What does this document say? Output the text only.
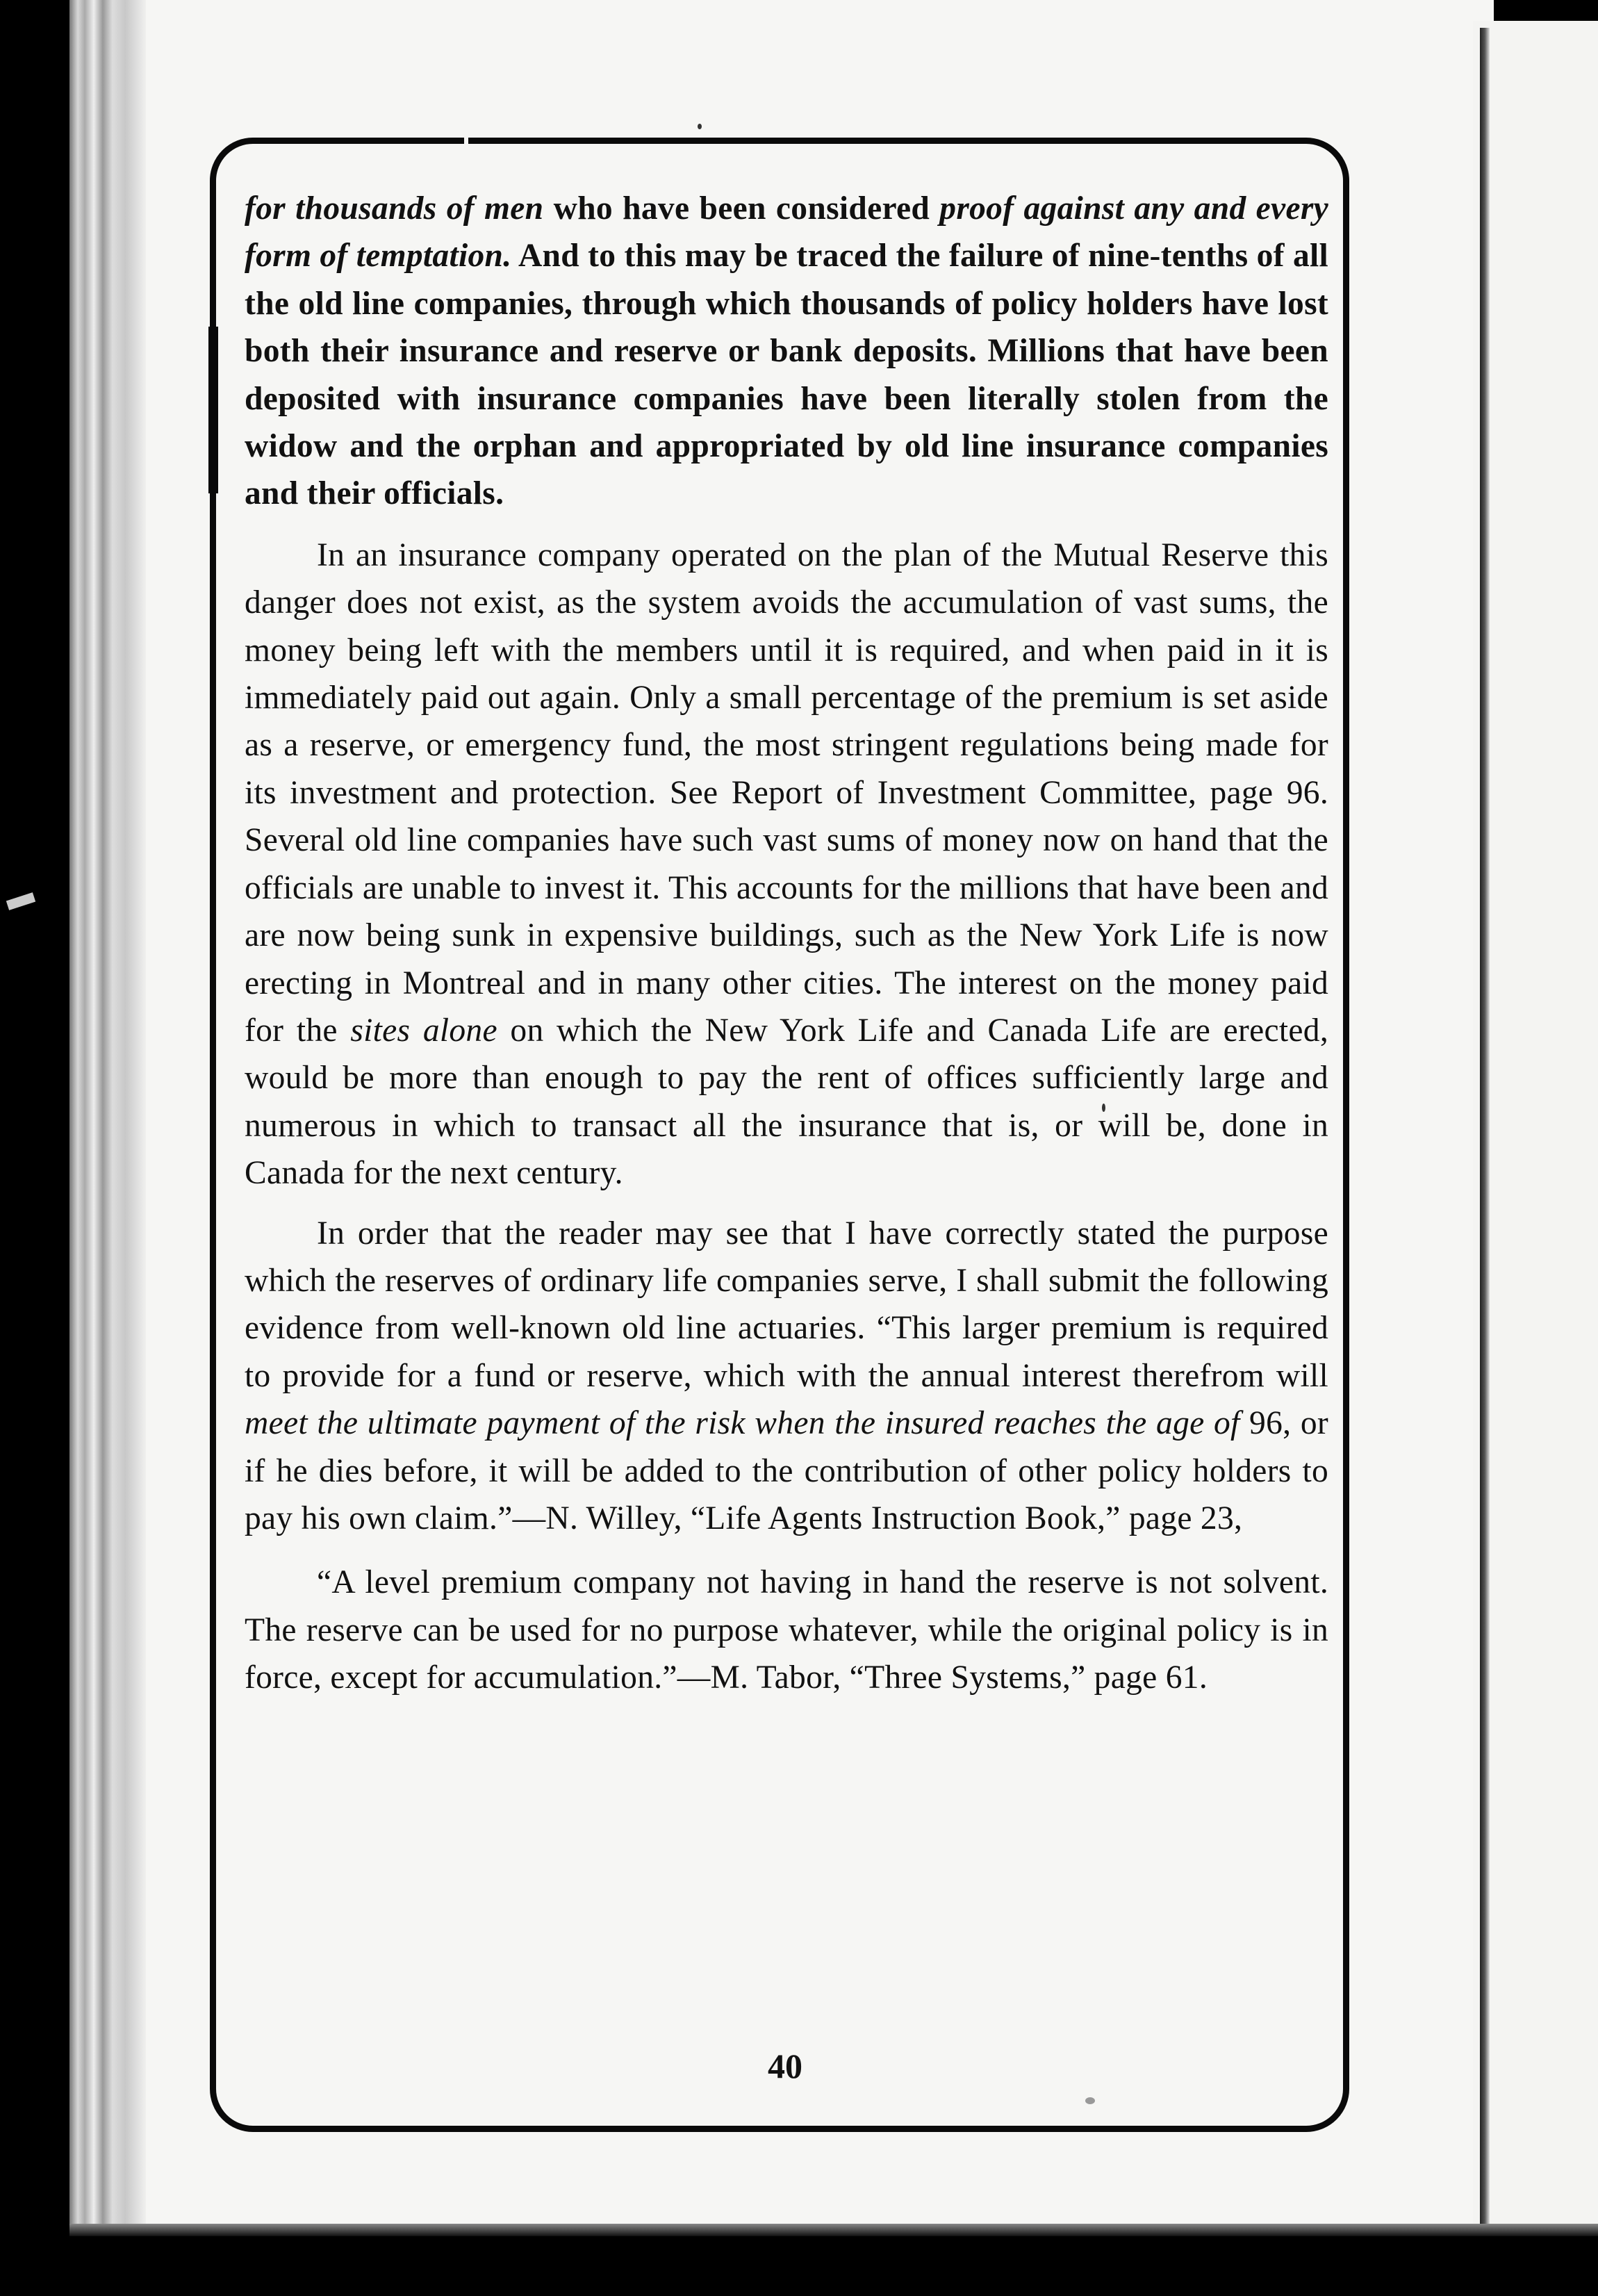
for thousands of men who have been considered proof against any and every form of temptation. And to this may be traced the failure of nine-tenths of all the old line companies, through which thousands of policy holders have lost both their insurance and reserve or bank deposits. Millions that have been deposited with insurance companies have been literally stolen from the widow and the orphan and appropriated by old line insurance companies and their officials.

In an insurance company operated on the plan of the Mutual Reserve this danger does not exist, as the system avoids the accumulation of vast sums, the money being left with the members until it is required, and when paid in it is immediately paid out again. Only a small percentage of the premium is set aside as a reserve, or emergency fund, the most stringent regulations being made for its investment and protection. See Report of Investment Committee, page 96. Several old line companies have such vast sums of money now on hand that the officials are unable to invest it. This accounts for the millions that have been and are now being sunk in expensive buildings, such as the New York Life is now erecting in Montreal and in many other cities. The interest on the money paid for the sites alone on which the New York Life and Canada Life are erected, would be more than enough to pay the rent of offices sufficiently large and numerous in which to transact all the insurance that is, or will be, done in Canada for the next century.

In order that the reader may see that I have correctly stated the purpose which the reserves of ordinary life companies serve, I shall submit the following evidence from well-known old line actuaries. “This larger premium is required to provide for a fund or reserve, which with the annual interest therefrom will meet the ultimate payment of the risk when the insured reaches the age of 96, or if he dies before, it will be added to the contribution of other policy holders to pay his own claim.”—N. Willey, “Life Agents Instruction Book,” page 23,

“A level premium company not having in hand the reserve is not solvent. The reserve can be used for no purpose whatever, while the original policy is in force, except for accumulation.”—M. Tabor, “Three Systems,” page 61.

40
